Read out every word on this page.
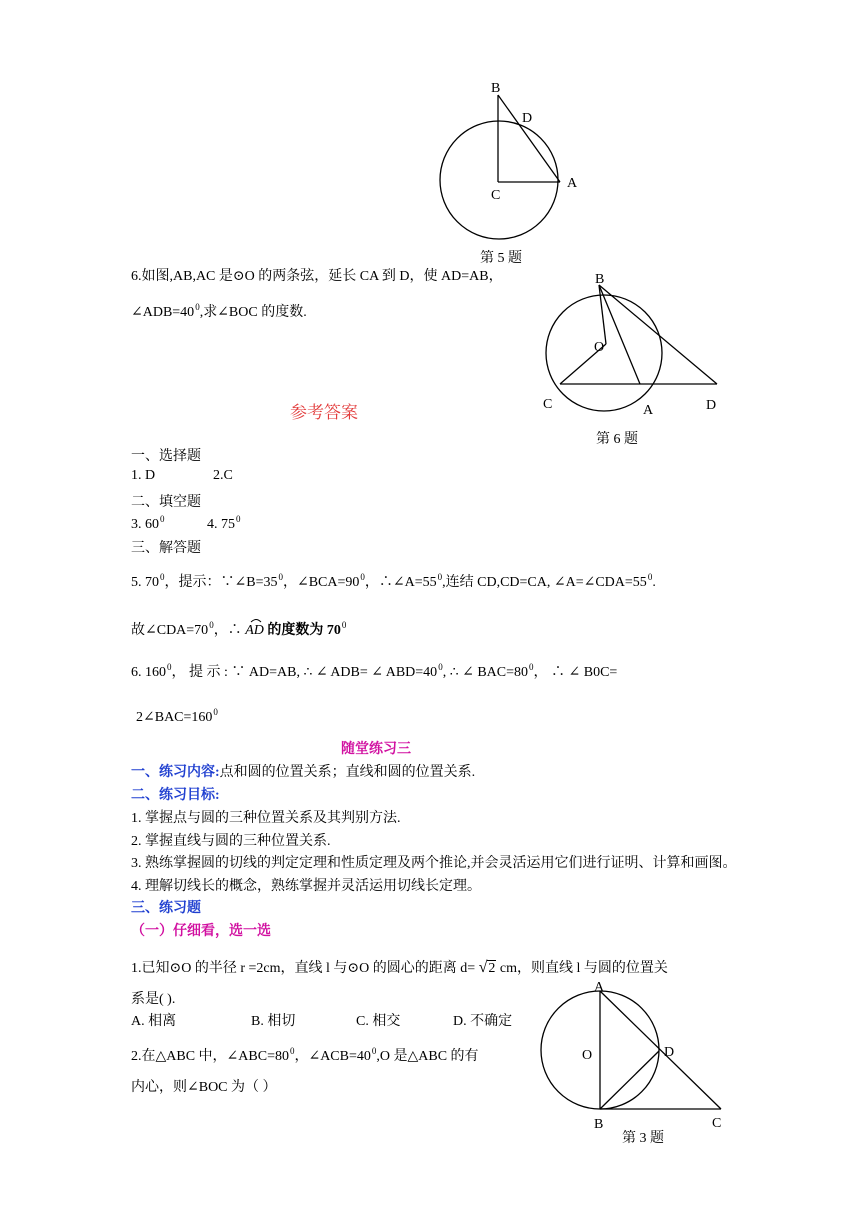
B
D
C
A
第 5 题
6.如图,AB,AC 是⊙O 的两条弦，延长 CA 到 D，使 AD=AB，
$\angle ADB=40^0$,求∠BOC 的度数.
B
O
C	A	D
第 6 题
参考答案
一、选择题
1. D	2.C
二、填空题
3. $60^0$	4. $75^0$
三、解答题
5. $70^0$，提示：$\because\angle B=35^0$，$\angle BCA=90^0$，$\therefore\angle A=55^0$,连结 CD,CD=CA, $\angle A=\angle CDA=55^0$.
故$\angle CDA=70^0$，∴ AD 的度数为 $70^0$
6. $160^0$， 提 示 : ∵ AD=AB, ∴ ∠ ADB= ∠ $ABD=40^0$, ∴ ∠ $BAC=80^0$， ∴ ∠ B0C=
$2\angle BAC=160^0$
随堂练习三
一、练习内容:点和圆的位置关系；直线和圆的位置关系.
二、练习目标:
1. 掌握点与圆的三种位置关系及其判别方法.
2. 掌握直线与圆的三种位置关系.
3. 熟练掌握圆的切线的判定定理和性质定理及两个推论,并会灵活运用它们进行证明、计算和画图。
4. 理解切线长的概念，熟练掌握并灵活运用切线长定理。
三、练习题
（一）仔细看，选一选
1.已知⊙O 的半径 r =2cm，直线 l 与⊙O 的圆心的距离 d= √2 cm，则直线 l 与圆的位置关
系是( ).
A. 相离	B. 相切	C. 相交	D. 不确定
2.在△ABC 中，$\angle ABC=80^0$，$\angle ACB=40^0,O$ 是△ABC 的有
内心，则∠BOC 为（ ）
A
O	D
B	C
第 3 题
